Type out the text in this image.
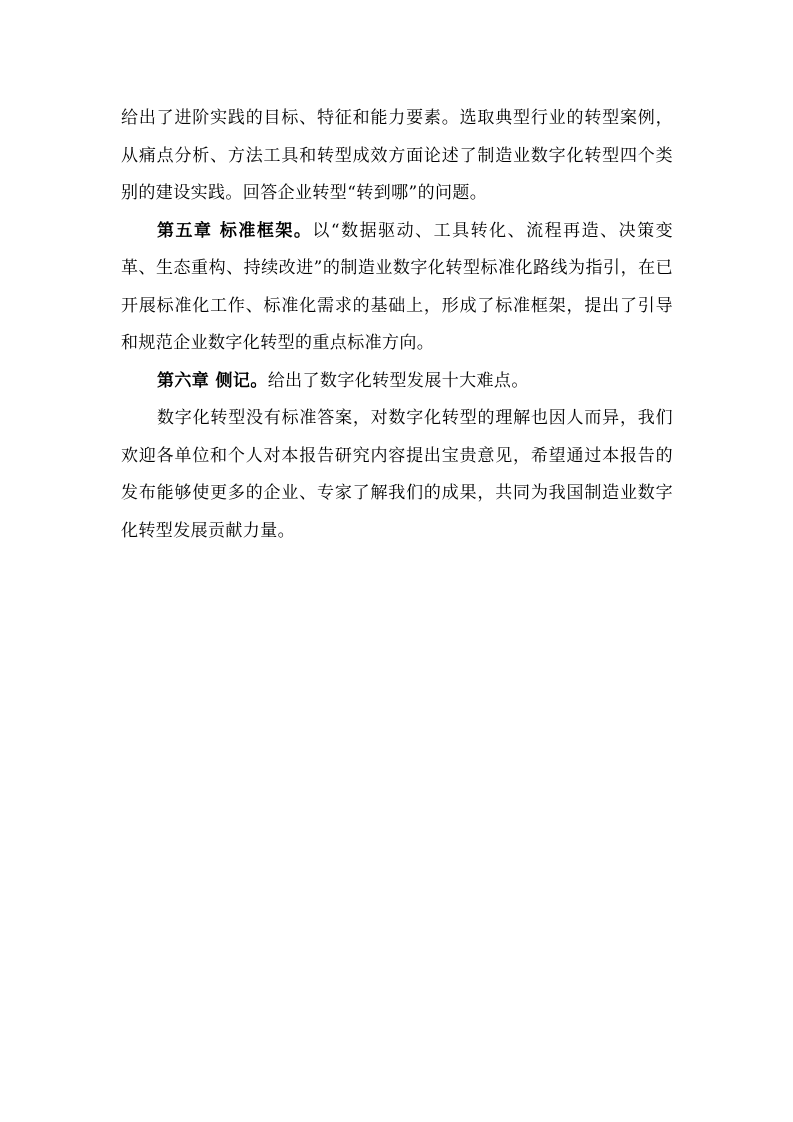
给出了进阶实践的目标、特征和能力要素。选取典型行业的转型案例，从痛点分析、方法工具和转型成效方面论述了制造业数字化转型四个类别的建设实践。回答企业转型“转到哪”的问题。

第五章 标准框架。以“数据驱动、工具转化、流程再造、决策变革、生态重构、持续改进”的制造业数字化转型标准化路线为指引，在已开展标准化工作、标准化需求的基础上，形成了标准框架，提出了引导和规范企业数字化转型的重点标准方向。

第六章 侧记。给出了数字化转型发展十大难点。

数字化转型没有标准答案，对数字化转型的理解也因人而异，我们欢迎各单位和个人对本报告研究内容提出宝贵意见，希望通过本报告的发布能够使更多的企业、专家了解我们的成果，共同为我国制造业数字化转型发展贡献力量。
